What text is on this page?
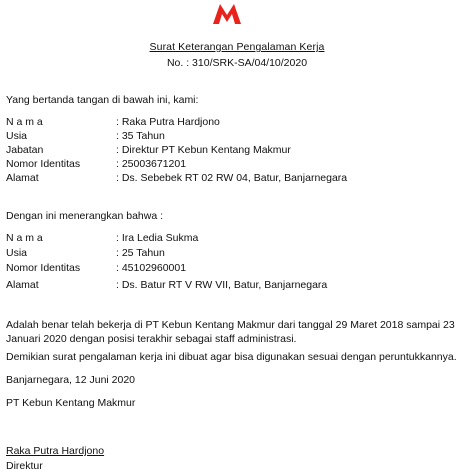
Surat Keterangan Pengalaman Kerja
No. : 310/SRK-SA/04/10/2020
Yang bertanda tangan di bawah ini, kami:
N a m a	: Raka Putra Hardjono
Usia	: 35 Tahun
Jabatan	: Direktur PT Kebun Kentang Makmur
Nomor Identitas	: 25003671201
Alamat	: Ds. Sebebek RT 02 RW 04, Batur, Banjarnegara
Dengan ini menerangkan bahwa :
N a m a	: Ira Ledia Sukma
Usia	: 25 Tahun
Nomor Identitas	: 45102960001
Alamat	: Ds. Batur RT V RW VII, Batur, Banjarnegara
Adalah benar telah bekerja di PT Kebun Kentang Makmur dari tanggal 29 Maret 2018 sampai 23 Januari 2020 dengan posisi terakhir sebagai staff administrasi.
Demikian surat pengalaman kerja ini dibuat agar bisa digunakan sesuai dengan peruntukkannya.
Banjarnegara, 12 Juni 2020
PT Kebun Kentang Makmur
Raka Putra Hardjono
Direktur
